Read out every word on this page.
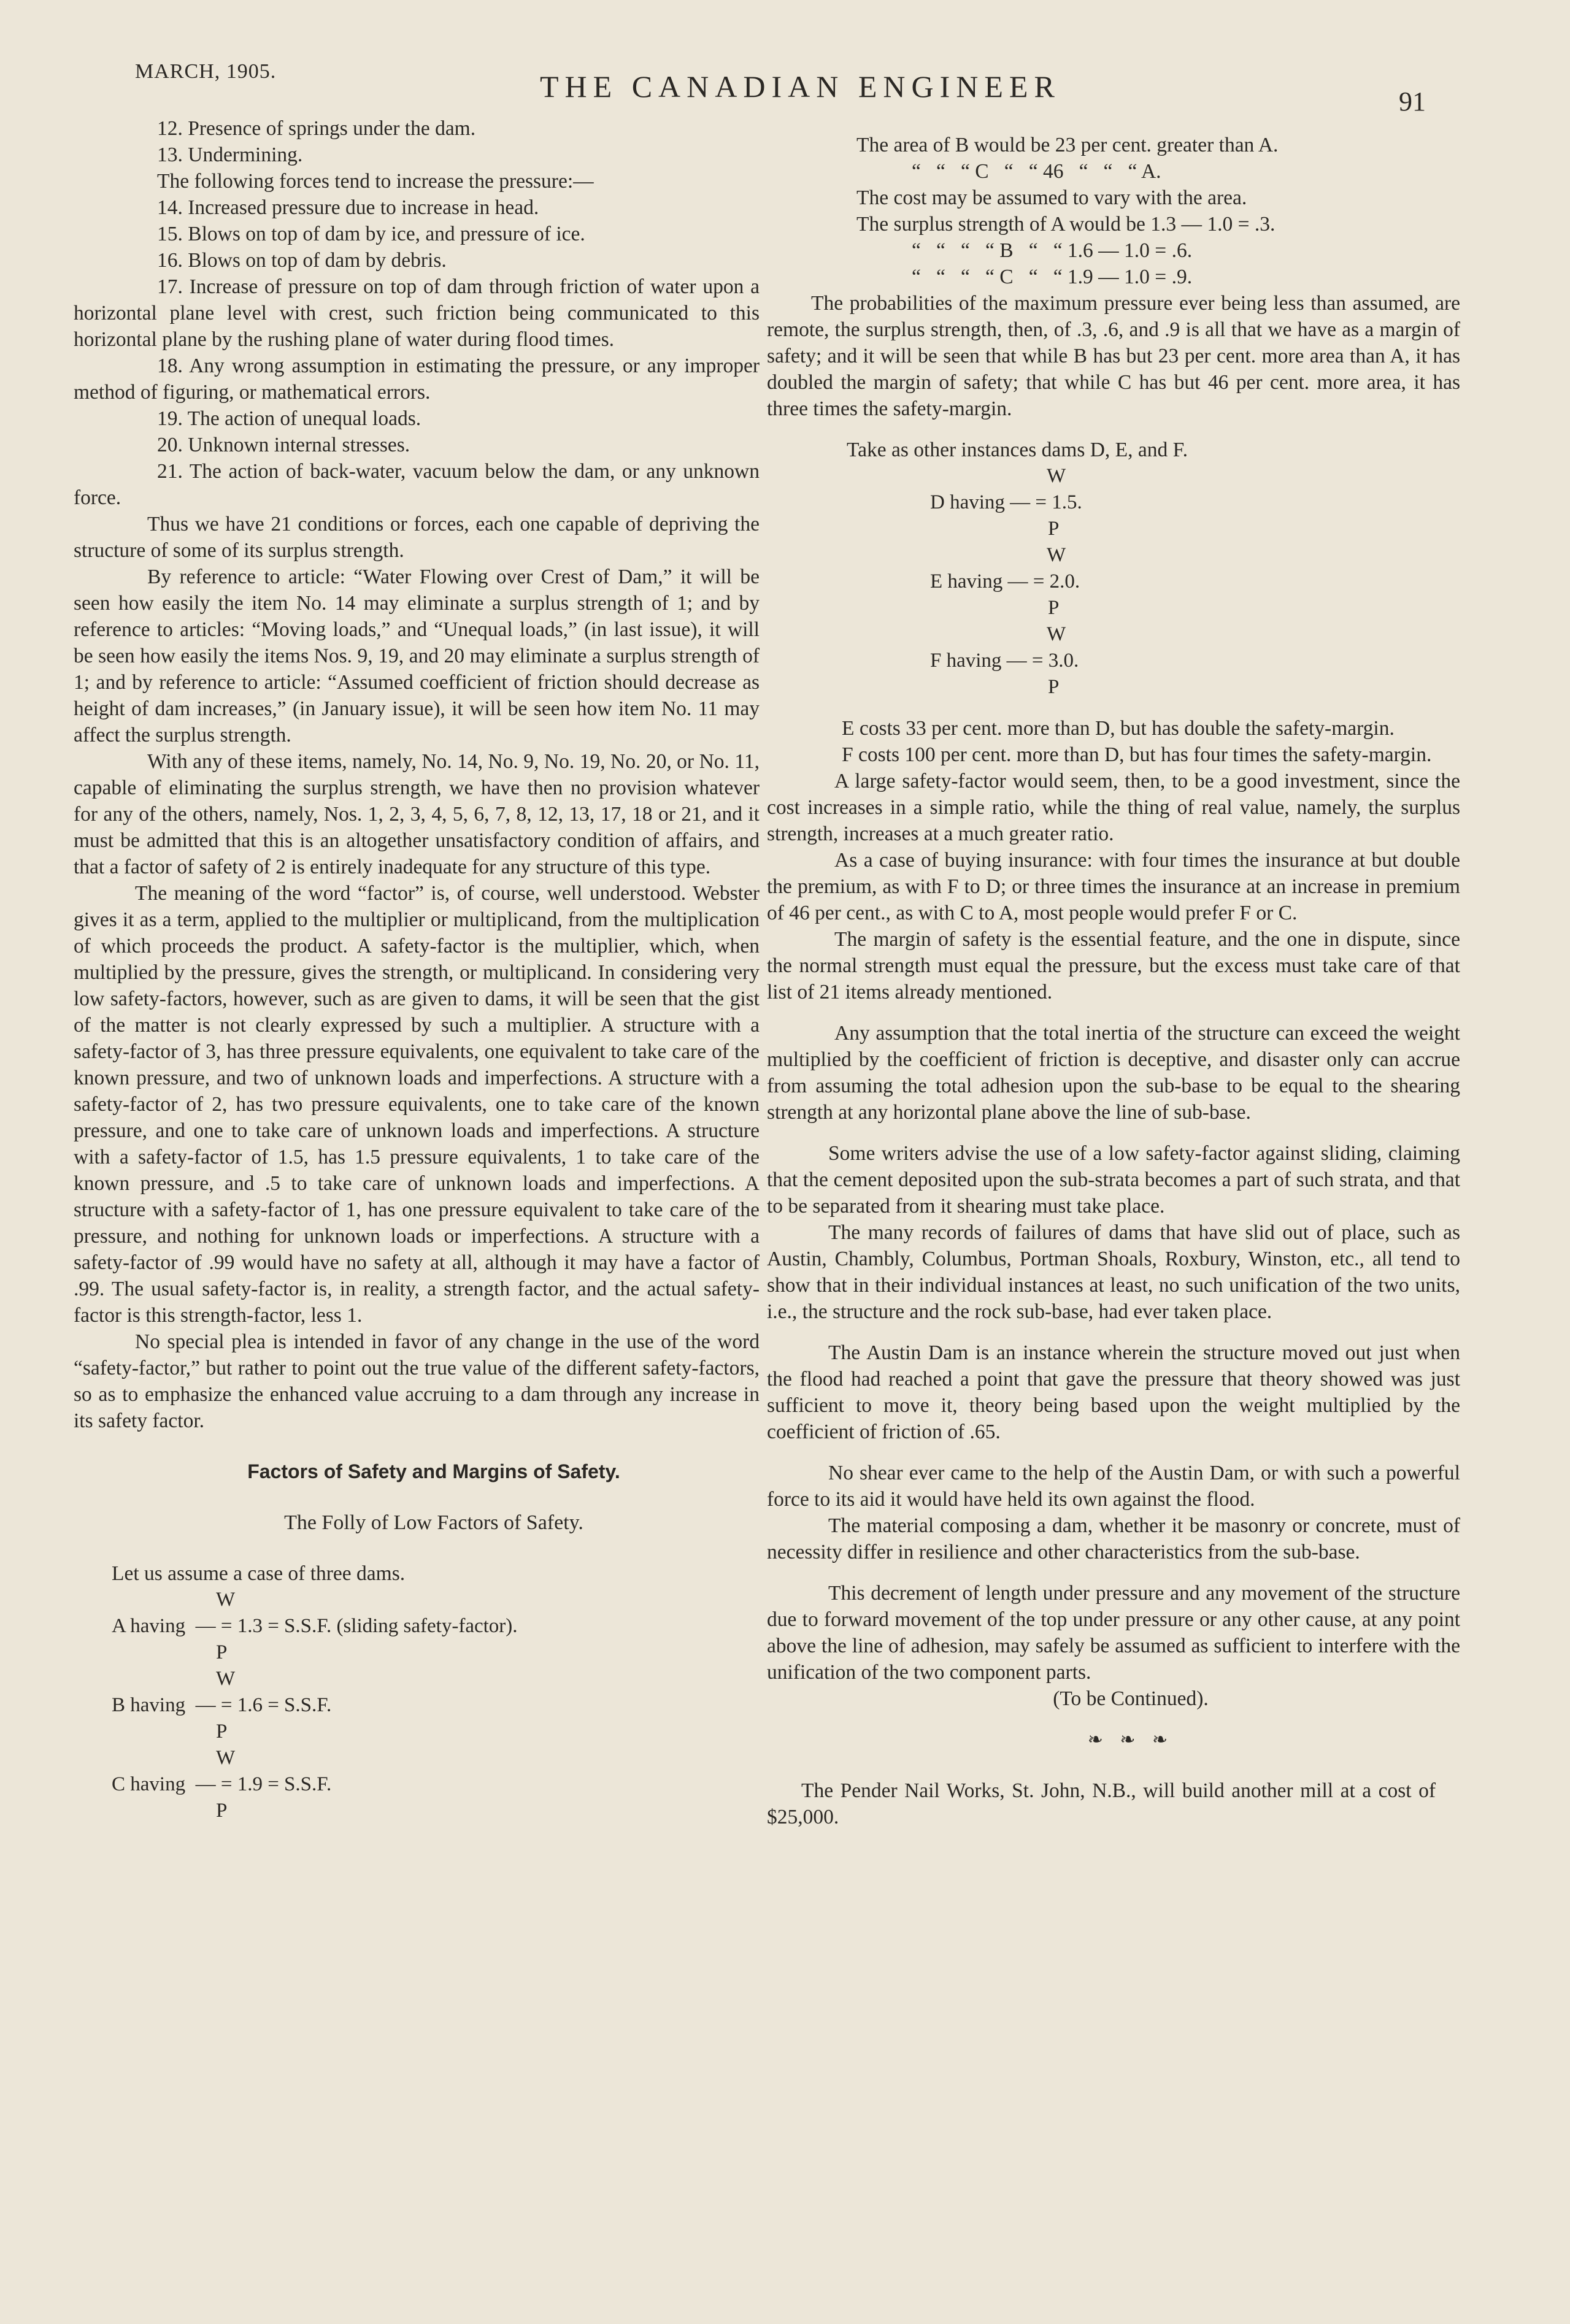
MARCH, 1905.	THE CANADIAN ENGINEER	91

12. Presence of springs under the dam.

13. Undermining.

The following forces tend to increase the pressure:—

14. Increased pressure due to increase in head.

15. Blows on top of dam by ice, and pressure of ice.

16. Blows on top of dam by debris.

17. Increase of pressure on top of dam through friction of water upon a horizontal plane level with crest, such friction being communicated to this horizontal plane by the rushing plane of water during flood times.

18. Any wrong assumption in estimating the pressure, or any improper method of figuring, or mathematical errors.

19. The action of unequal loads.

20. Unknown internal stresses.

21. The action of back-water, vacuum below the dam, or any unknown force.

Thus we have 21 conditions or forces, each one capable of depriving the structure of some of its surplus strength.

By reference to article: “Water Flowing over Crest of Dam,” it will be seen how easily the item No. 14 may eliminate a surplus strength of 1; and by reference to articles: “Moving loads,” and “Unequal loads,” (in last issue), it will be seen how easily the items Nos. 9, 19, and 20 may eliminate a surplus strength of 1; and by reference to article: “Assumed coefficient of friction should decrease as height of dam increases,” (in January issue), it will be seen how item No. 11 may affect the surplus strength.

With any of these items, namely, No. 14, No. 9, No. 19, No. 20, or No. 11, capable of eliminating the surplus strength, we have then no provision whatever for any of the others, namely, Nos. 1, 2, 3, 4, 5, 6, 7, 8, 12, 13, 17, 18 or 21, and it must be admitted that this is an altogether unsatisfactory condition of affairs, and that a factor of safety of 2 is entirely inadequate for any structure of this type.

The meaning of the word “factor” is, of course, well understood. Webster gives it as a term, applied to the multiplier or multiplicand, from the multiplication of which proceeds the product. A safety-factor is the multiplier, which, when multiplied by the pressure, gives the strength, or multiplicand. In considering very low safety-factors, however, such as are given to dams, it will be seen that the gist of the matter is not clearly expressed by such a multiplier. A structure with a safety-factor of 3, has three pressure equivalents, one equivalent to take care of the known pressure, and two of unknown loads and imperfections. A structure with a safety-factor of 2, has two pressure equivalents, one to take care of the known pressure, and one to take care of unknown loads and imperfections. A structure with a safety-factor of 1.5, has 1.5 pressure equivalents, 1 to take care of the known pressure, and .5 to take care of unknown loads and imperfections. A structure with a safety-factor of 1, has one pressure equivalent to take care of the pressure, and nothing for unknown loads or imperfections. A structure with a safety-factor of .99 would have no safety at all, although it may have a factor of .99. The usual safety-factor is, in reality, a strength factor, and the actual safety-factor is this strength-factor, less 1.

No special plea is intended in favor of any change in the use of the word “safety-factor,” but rather to point out the true value of the different safety-factors, so as to emphasize the enhanced value accruing to a dam through any increase in its safety factor.

Factors of Safety and Margins of Safety.

The Folly of Low Factors of Safety.

Let us assume a case of three dams.

W
A having  — = 1.3 = S.S.F. (sliding safety-factor).
P
W
B having  — = 1.6 = S.S.F.
P
W
C having  — = 1.9 = S.S.F.
P

The area of B would be 23 per cent. greater than A.

“   “   “ C   “   “ 46   “   “   “ A.

The cost may be assumed to vary with the area.

The surplus strength of A would be 1.3 — 1.0 = .3.

“   “   “   “ B   “   “ 1.6 — 1.0 = .6.

“   “   “   “ C   “   “ 1.9 — 1.0 = .9.

The probabilities of the maximum pressure ever being less than assumed, are remote, the surplus strength, then, of .3, .6, and .9 is all that we have as a margin of safety; and it will be seen that while B has but 23 per cent. more area than A, it has doubled the margin of safety; that while C has but 46 per cent. more area, it has three times the safety-margin.

Take as other instances dams D, E, and F.

W
D having — = 1.5.
P
W
E having — = 2.0.
P
W
F having — = 3.0.
P

E costs 33 per cent. more than D, but has double the safety-margin.

F costs 100 per cent. more than D, but has four times the safety-margin.

A large safety-factor would seem, then, to be a good investment, since the cost increases in a simple ratio, while the thing of real value, namely, the surplus strength, increases at a much greater ratio.

As a case of buying insurance: with four times the insurance at but double the premium, as with F to D; or three times the insurance at an increase in premium of 46 per cent., as with C to A, most people would prefer F or C.

The margin of safety is the essential feature, and the one in dispute, since the normal strength must equal the pressure, but the excess must take care of that list of 21 items already mentioned.

Any assumption that the total inertia of the structure can exceed the weight multiplied by the coefficient of friction is deceptive, and disaster only can accrue from assuming the total adhesion upon the sub-base to be equal to the shearing strength at any horizontal plane above the line of sub-base.

Some writers advise the use of a low safety-factor against sliding, claiming that the cement deposited upon the sub-strata becomes a part of such strata, and that to be separated from it shearing must take place.

The many records of failures of dams that have slid out of place, such as Austin, Chambly, Columbus, Portman Shoals, Roxbury, Winston, etc., all tend to show that in their individual instances at least, no such unification of the two units, i.e., the structure and the rock sub-base, had ever taken place.

The Austin Dam is an instance wherein the structure moved out just when the flood had reached a point that gave the pressure that theory showed was just sufficient to move it, theory being based upon the weight multiplied by the coefficient of friction of .65.

No shear ever came to the help of the Austin Dam, or with such a powerful force to its aid it would have held its own against the flood.

The material composing a dam, whether it be masonry or concrete, must of necessity differ in resilience and other characteristics from the sub-base.

This decrement of length under pressure and any movement of the structure due to forward movement of the top under pressure or any other cause, at any point above the line of adhesion, may safely be assumed as sufficient to interfere with the unification of the two component parts.

(To be Continued).

❧ ❧ ❧

The Pender Nail Works, St. John, N.B., will build another mill at a cost of $25,000.
